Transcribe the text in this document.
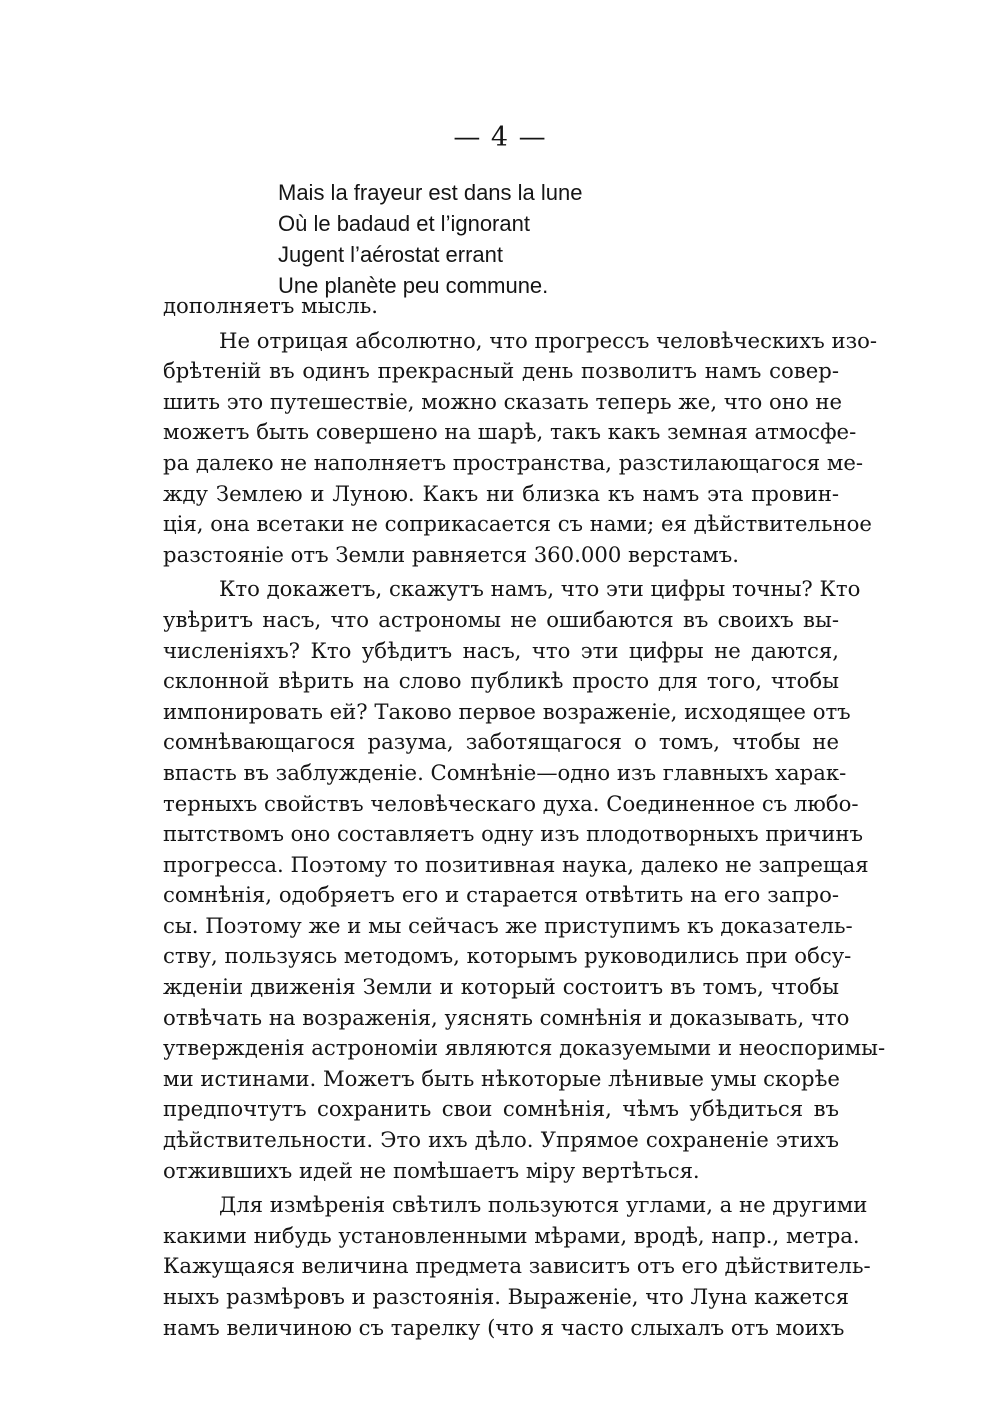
— 4 —
Mais la frayeur est dans la lune
Où le badaud et l’ignorant
Jugent l’aérostat errant
Une planète peu commune.
дополняетъ мысль.
Не отрицая абсолютно, что прогрессъ человѣческихъ изо-
брѣтеній въ одинъ прекрасный день позволитъ намъ совер-
шить это путешествіе, можно сказать теперь же, что оно не
можетъ быть совершено на шарѣ, такъ какъ земная атмосфе-
ра далеко не наполняетъ пространства, разстилающагося ме-
жду Землею и Луною. Какъ ни близка къ намъ эта провин-
ція, она всетаки не соприкасается съ нами; ея дѣйствительное
разстояніе отъ Земли равняется 360.000 верстамъ.
Кто докажетъ, скажутъ намъ, что эти цифры точны? Кто
увѣритъ насъ, что астрономы не ошибаются въ своихъ вы-
численіяхъ? Кто убѣдитъ насъ, что эти цифры не даются,
склонной вѣрить на слово публикѣ просто для того, чтобы
импонировать ей? Таково первое возраженіе, исходящее отъ
сомнѣвающагося разума, заботящагося о томъ, чтобы не
впасть въ заблужденіе. Сомнѣніе—одно изъ главныхъ харак-
терныхъ свойствъ человѣческаго духа. Соединенное съ любо-
пытствомъ оно составляетъ одну изъ плодотворныхъ причинъ
прогресса. Поэтому то позитивная наука, далеко не запрещая
сомнѣнія, одобряетъ его и старается отвѣтить на его запро-
сы. Поэтому же и мы сейчасъ же приступимъ къ доказатель-
ству, пользуясь методомъ, которымъ руководились при обсу-
жденіи движенія Земли и который состоитъ въ томъ, чтобы
отвѣчать на возраженія, уяснять сомнѣнія и доказывать, что
утвержденія астрономіи являются доказуемыми и неоспоримы-
ми истинами. Можетъ быть нѣкоторые лѣнивые умы скорѣе
предпочтутъ сохранить свои сомнѣнія, чѣмъ убѣдиться въ
дѣйствительности. Это ихъ дѣло. Упрямое сохраненіе этихъ
отжившихъ идей не помѣшаетъ міру вертѣться.
Для измѣренія свѣтилъ пользуются углами, а не другими
какими нибудь установленными мѣрами, вродѣ, напр., метра.
Кажущаяся величина предмета зависитъ отъ его дѣйствитель-
ныхъ размѣровъ и разстоянія. Выраженіе, что Луна кажется
намъ величиною съ тарелку (что я часто слыхалъ отъ моихъ
